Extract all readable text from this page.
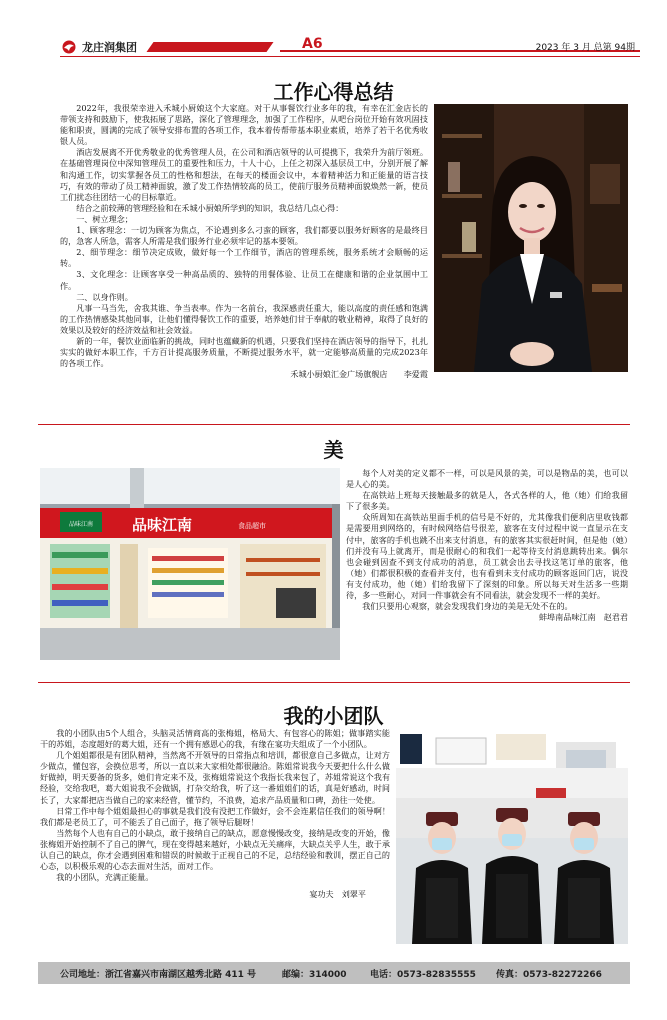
龙庄润集团	A6	2023 年 3 月 总第 94期
工作心得总结

2022年，我很荣幸进入禾城小厨娘这个大家庭。对于从事餐饮行业多年的我，有幸在汇金店长的带领支持和鼓励下，使我拓展了思路，深化了管理理念，加强了工作程序，从吧台岗位开始有效巩固技能和职责，圆满的完成了领导安排布置的各项工作，我本着传帮带基本职业素质，培养了若干名优秀收银人员。

酒店发展离不开优秀敬业的优秀管理人员，在公司和酒店领导的认可提携下，我荣升为前厅领班。在基础管理岗位中深知管理员工的重要性和压力，十人十心，上任之初深入基层员工中，分别开展了解和沟通工作，切实掌握各员工的性格和想法，在每天的楼面会议中，本着精神活力和正能量的语言技巧，有效的带动了员工精神面貌，激了发工作热情较高的员工，使前厅服务员精神面貌焕然一新，使员工们扰态往团结一心的目标靠近。

结合之前较薄的管理经验和在禾城小厨娘所学到的知识，我总结几点心得：

一、树立理念；

1、顾客理念：一切为顾客为焦点，不论遇到多么刁蛮的顾客，我们都要以服务好顾客的是最终目的，急客人所急，需客人所需是我们服务行业必须牢记的基本要领。

2、细节理念：细节决定成败，做好每一个工作细节，酒店的管理系统，服务系统才会顺畅的运转。

3、文化理念：让顾客享受一种高品质的、独特的用餐体验、让员工在健康和谐的企业氛围中工作。

二、以身作则。

凡事一马当先，舍我其谁、争当表率。作为一名前台，我深感责任重大，能以高度的责任感和饱满的工作热情感染其他同事，让他们懂得餐饮工作的重要，培养她们甘于奉献的敬业精神，取得了良好的效果以及较好的经济效益和社会效益。

新的一年，餐饮业面临新的挑战，同时也蕴藏新的机遇，只要我们坚持在酒店领导的指导下，扎扎实实的做好本职工作，千方百计提高服务质量，不断提过服务水平，就一定能够高质量的完成2023年的各项工作。

禾城小厨娘汇金广场旗舰店　　李爱霞

美
品味江南	品味江南	食品超市

每个人对美的定义都不一样，可以是风景的美，可以是物品的美，也可以是人心的美。

在高铁站上班每天接触最多的就是人，各式各样的人，他（她）们给我留下了很多美。

众所周知在高铁站里面手机的信号是不好的，尤其像我们便利店里收钱都是需要用到网络的，有时候网络信号很差，旅客在支付过程中说一直显示在支付中，旅客的手机也跳不出来支付消息，有的旅客其实很赶时间，但是他（她）们并没有马上就离开，而是很耐心的和我们一起等待支付消息跳转出来。偶尔也会碰到因查不到支付成功的消息，员工就会出去寻找这笔订单的旅客，他（她）们都很积极的查看并支付，也有看到未支付成功的顾客返回门店，说没有支付成功，他（她）们给我留下了深刻的印象。所以每天对生活多一些期待，多一些耐心，对同一件事就会有不同看法，就会发现不一样的美好。

我们只要用心观察，就会发现我们身边的美是无处不在的。

蚌埠南品味江南　赵君君

我的小团队

我的小团队由5个人组合，头脑灵活情商高的张梅姐，格局大、有包容心的陈姐；做事踏实能干的苏姐，态度超好的葛大姐，还有一个拥有感恩心的我，有缘在宴功夫组成了一个小团队。

几个姐姐都很是有团队精神，当然离不开领导的日常指点和培训，都很意自己多做点，让对方少做点，懂包容，会换位思考，所以一直以来大家相处都很融洽。陈姐常说我今天要把什么什么做好做掉，明天要备的货多，她们肯定来不及，张梅姐常说这个我指长我来包了，苏姐常说这个我有经验，交给我吧，葛大姐说我不会做锅，打杂交给我，听了这一番姐姐们的话，真是好感动，时间长了，大家都把店当做自己的家来经营，懂节约，不浪费，追求产品质量和口碑，劲往一处使。

日常工作中每个姐姐最担心的事就是我们没有没把工作做好，会不会连累信任我们的领导啊！我们都是老员工了，可不能丢了自己面子，拖了领导后腿呀！

当然每个人也有自己的小缺点，敢于接纳自己的缺点，愿意慢慢改变，接纳是改变的开始，像张梅姐开始控制不了自己的脾气，现在变得越来越好，小缺点无关痛痒，大缺点关乎人生，敢于承认自己的缺点，你才会遇到困难和错误的时候敢于正视自己的不足，总结经验和教训，摆正自己的心态，以积极乐观的心态去面对生活，面对工作。

我的小团队，充满正能量。

宴功夫　刘翠平

公司地址：浙江省嘉兴市南湖区越秀北路 411 号	邮编：314000	电话：0573-82835555 传真：0573-82272266
